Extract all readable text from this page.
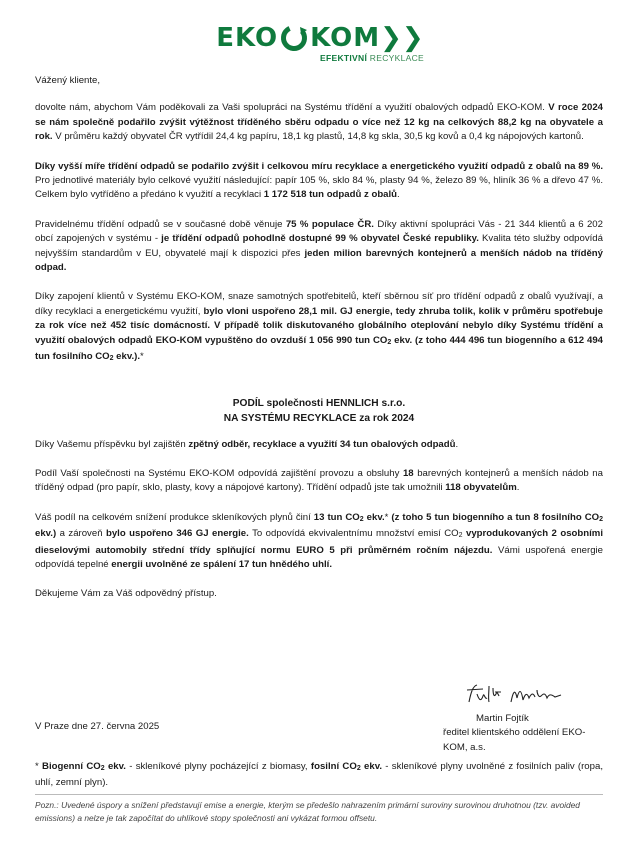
EKO KOM ❯❯
EFEKTIVNÍ RECYKLACE

Vážený kliente,

dovolte nám, abychom Vám poděkovali za Vaši spolupráci na Systému třídění a využití obalových odpadů EKO-KOM. V roce 2024 se nám společně podařilo zvýšit výtěžnost tříděného sběru odpadu o více než 12 kg na celkových 88,2 kg na obyvatele a rok. V průměru každý obyvatel ČR vytřídil 24,4 kg papíru, 18,1 kg plastů, 14,8 kg skla, 30,5 kg kovů a 0,4 kg nápojových kartonů.

Díky vyšší míře třídění odpadů se podařilo zvýšit i celkovou míru recyklace a energetického využití odpadů z obalů na 89 %. Pro jednotlivé materiály bylo celkové využití následující: papír 105 %, sklo 84 %, plasty 94 %, železo 89 %, hliník 36 % a dřevo 47 %. Celkem bylo vytříděno a předáno k využití a recyklaci 1 172 518 tun odpadů z obalů.

Pravidelnému třídění odpadů se v současné době věnuje 75 % populace ČR. Díky aktivní spolupráci Vás - 21 344 klientů a 6 202 obcí zapojených v systému - je třídění odpadů pohodlně dostupné 99 % obyvatel České republiky. Kvalita této služby odpovídá nejvyšším standardům v EU, obyvatelé mají k dispozici přes jeden milion barevných kontejnerů a menších nádob na tříděný odpad.

Díky zapojení klientů v Systému EKO-KOM, snaze samotných spotřebitelů, kteří sběrnou síť pro třídění odpadů z obalů využívají, a díky recyklaci a energetickému využití, bylo vloni uspořeno 28,1 mil. GJ energie, tedy zhruba tolik, kolik v průměru spotřebuje za rok více než 452 tisíc domácností. V případě tolik diskutovaného globálního oteplování nebylo díky Systému třídění a využití obalových odpadů EKO-KOM vypuštěno do ovzduší 1 056 990 tun $CO_2$ ekv. (z toho 444 496 tun biogenního a 612 494 tun fosilního $CO_2$ ekv.).*

PODÍL společnosti HENNLICH s.r.o.
NA SYSTÉMU RECYKLACE za rok 2024

Díky Vašemu příspěvku byl zajištěn zpětný odběr, recyklace a využití 34 tun obalových odpadů.

Podíl Vaší společnosti na Systému EKO-KOM odpovídá zajištění provozu a obsluhy 18 barevných kontejnerů a menších nádob na tříděný odpad (pro papír, sklo, plasty, kovy a nápojové kartony). Třídění odpadů jste tak umožnili 118 obyvatelům.

Váš podíl na celkovém snížení produkce skleníkových plynů činí 13 tun $CO_2$ ekv.* (z toho 5 tun biogenního a tun 8 fosilního $CO_2$ ekv.) a zároveň bylo uspořeno 346 GJ energie. To odpovídá ekvivalentnímu množství emisí $CO_2$ vyprodukovaných 2 osobními dieselovými automobily střední třídy splňující normu EURO 5 při průměrném ročním nájezdu. Vámi uspořená energie odpovídá tepelné energii uvolněné ze spálení 17 tun hnědého uhlí.

Děkujeme Vám za Váš odpovědný přístup.

V Praze dne 27. června 2025
Martin Fojtík
ředitel klientského oddělení EKO-KOM, a.s.
* Biogenní $CO_2$ ekv. - skleníkové plyny pocházející z biomasy, fosilní $CO_2$ ekv. - skleníkové plyny uvolněné z fosilních paliv (ropa, uhlí, zemní plyn).
Pozn.: Uvedené úspory a snížení představují emise a energie, kterým se předešlo nahrazením primární suroviny surovinou druhotnou (tzv. avoided emissions) a nelze je tak započítat do uhlíkové stopy společnosti ani vykázat formou offsetu.
